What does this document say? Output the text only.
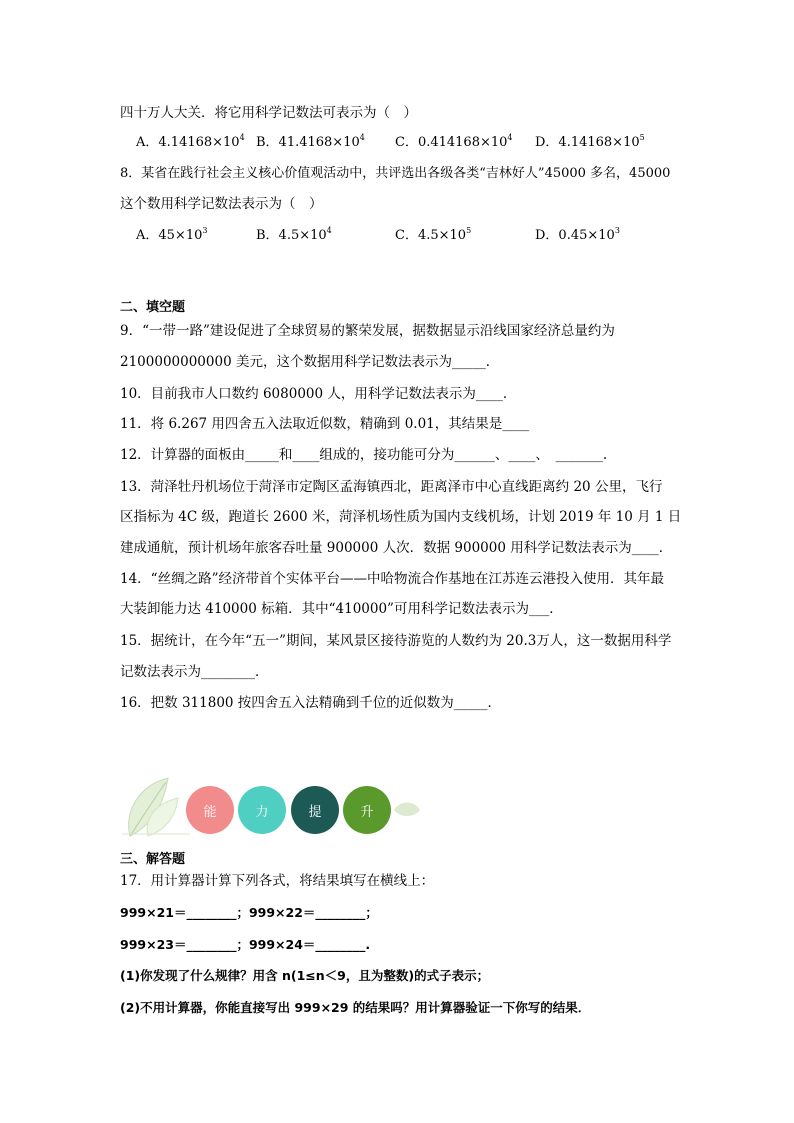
四十万人大关．将它用科学记数法可表示为（　）
A．$4.14168\times 10^4$ B．$41.4168\times 10^4$ C．$0.414168\times 10^4$ D．$4.14168\times 10^5$
8．某省在践行社会主义核心价值观活动中，共评选出各级各类“吉林好人”45000 多名，45000
这个数用科学记数法表示为（　）
A．$45\times 10^3$	B．$4.5\times 10^4$	C．$4.5\times 10^5$	D．$0.45\times 10^3$
二、填空题
9．“一带一路”建设促进了全球贸易的繁荣发展，据数据显示沿线国家经济总量约为
2100000000000 美元，这个数据用科学记数法表示为_____．
10．目前我市人口数约 6080000 人，用科学记数法表示为____．
11．将 6.267 用四舍五入法取近似数，精确到 0.01，其结果是____
12．计算器的面板由_____和____组成的，接功能可分为______、____、　_______.
13．菏泽牡丹机场位于菏泽市定陶区孟海镇西北，距离泽市中心直线距离约 20 公里，飞行
区指标为 4C 级，跑道长 2600 米，菏泽机场性质为国内支线机场，计划 2019 年 10 月 1 日
建成通航，预计机场年旅客吞吐量 900000 人次．数据 900000 用科学记数法表示为____．
14．“丝绸之路”经济带首个实体平台——中哈物流合作基地在江苏连云港投入使用．其年最
大装卸能力达 410000 标箱．其中“410000”可用科学记数法表示为___．
15．据统计，在今年“五一”期间，某风景区接待游览的人数约为 20.3万人，这一数据用科学
记数法表示为________．
16．把数 311800 按四舍五入法精确到千位的近似数为_____．
能	力	提	升
三、解答题
17．用计算器计算下列各式，将结果填写在横线上：
999×21＝________；999×22＝________；
999×23＝________；999×24＝________.
(1)你发现了什么规律？用含 n(1≤n＜9，且为整数)的式子表示；
(2)不用计算器，你能直接写出 999×29 的结果吗？用计算器验证一下你写的结果．
